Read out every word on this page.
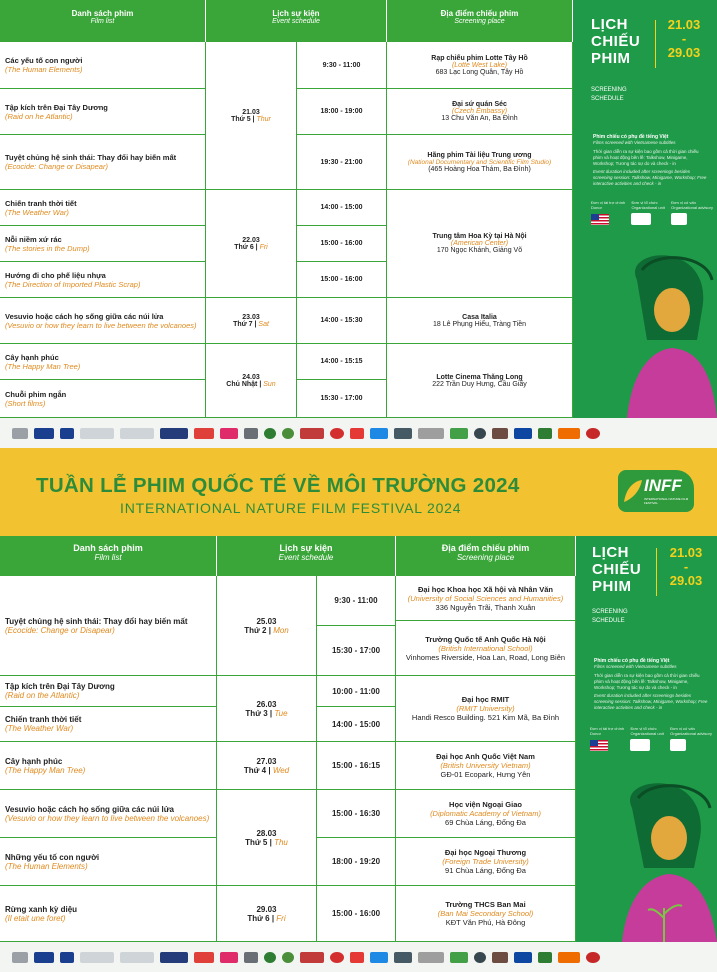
Danh sách phim
Film list
Lịch sự kiện
Event schedule
Địa điểm chiếu phim
Screening place
Các yếu tố con người
(The Human Elements)
Tập kích trên Đại Tây Dương
(Raid on he Atlantic)
Tuyệt chủng hệ sinh thái: Thay đổi hay biến mất
(Ecocide: Change or Disapear)
Chiến tranh thời tiết
(The Weather War)
Nỗi niềm xứ rác
(The stories in the Dump)
Hướng đi cho phế liệu nhựa
(The Direction of Imported Plastic Scrap)
Vesuvio hoặc cách họ sống giữa các núi lửa
(Vesuvio or how they learn to live between the volcanoes)
Cây hạnh phúc
(The Happy Man Tree)
Chuỗi phim ngắn
(Short films)
21.03
Thứ 5 | Thur
22.03
Thứ 6 | Fri
23.03
Thứ 7 | Sat
24.03
Chủ Nhật | Sun
9:30 - 11:00
18:00 - 19:00
19:30 - 21:00
14:00 - 15:00
15:00 - 16:00
15:00 - 16:00
14:00 - 15:30
14:00 - 15:15
15:30 - 17:00
Rạp chiếu phim Lotte Tây Hồ
(Lotte West Lake)
683 Lạc Long Quân, Tây Hồ
Đại sứ quán Séc
(Czech Embassy)
13 Chu Văn An, Ba Đình
Hãng phim Tài liệu Trung ương
(National Documentary and Scientific Film Studio)
(465 Hoàng Hoa Thám, Ba Đình)
Trung tâm Hoa Kỳ tại Hà Nội
(American Center)
170 Ngọc Khánh, Giảng Võ
Casa Italia
18 Lê Phụng Hiểu, Tràng Tiền
Lotte Cinema Thăng Long
222 Trần Duy Hưng, Cầu Giấy
LỊCH
CHIẾU
PHIM
21.03
-
29.03
SCREENING
SCHEDULE
Phim chiếu có phụ đề tiếng Việt
Films screened with Vietnamese subtitles
Thời gian diễn ra sự kiện bao gồm cả thời gian chiếu phim và hoạt động bên lề: Talkshow, Minigame, Workshop; Tương tác sự do và check - in
Event duration included after screenings besides screening session: Talkshow, Minigame, Workshop; Free interactive activities and check - in
Đơn vị tài trợ chính
Donor
Đơn vị tổ chức
Organizational unit
Đơn vị cố vấn
Organizational advisory
TUẦN LỄ PHIM QUỐC TẾ VỀ MÔI TRƯỜNG 2024
INTERNATIONAL NATURE FILM FESTIVAL 2024
INFF
INTERNATIONAL NATURE FILM FESTIVAL
Danh sách phim
Film list
Lịch sự kiện
Event schedule
Địa điểm chiếu phim
Screening place
Tuyệt chủng hệ sinh thái: Thay đổi hay biến mất
(Ecocide: Change or Disapear)
Tập kích trên Đại Tây Dương
(Raid on the Atlantic)
Chiến tranh thời tiết
(The Weather War)
Cây hạnh phúc
(The Happy Man Tree)
Vesuvio hoặc cách họ sống giữa các núi lửa
(Vesuvio or how they learn to live between the volcanoes)
Những yếu tố con người
(The Human Elements)
Rừng xanh kỳ diệu
(Il etait une foret)
25.03
Thứ 2 | Mon
26.03
Thứ 3 | Tue
27.03
Thứ 4 | Wed
28.03
Thứ 5 | Thu
29.03
Thứ 6 | Fri
9:30 - 11:00
15:30 - 17:00
10:00 - 11:00
14:00 - 15:00
15:00 - 16:15
15:00 - 16:30
18:00 - 19:20
15:00 - 16:00
Đại học Khoa học Xã hội và Nhân Văn
(University of Social Sciences and Humanities)
336 Nguyễn Trãi, Thanh Xuân
Trường Quốc tế Anh Quốc Hà Nội
(British International School)
Vinhomes Riverside, Hoa Lan, Road, Long Biên
Đại học RMIT
(RMIT University)
Handi Resco Building. 521 Kim Mã, Ba Đình
Đại học Anh Quốc Việt Nam
(British University Vietnam)
GĐ-01 Ecopark, Hưng Yên
Học viện Ngoại Giao
(Diplomatic Academy of Vietnam)
69 Chùa Láng, Đống Đa
Đại học Ngoại Thương
(Foreign Trade University)
91 Chùa Láng, Đống Đa
Trường THCS Ban Mai
(Ban Mai Secondary School)
KĐT Văn Phú, Hà Đông
LỊCH
CHIẾU
PHIM
21.03
-
29.03
SCREENING
SCHEDULE
Phim chiếu có phụ đề tiếng Việt
Films screened with Vietnamese subtitles
Thời gian diễn ra sự kiện bao gồm cả thời gian chiếu phim và hoạt động bên lề: Talkshow, Minigame, Workshop; Tương tác sự do và check - in
Event duration included after screenings besides screening session: Talkshow, Minigame, Workshop; Free interactive activities and check - in
Đơn vị tài trợ chính
Donor
Đơn vị tổ chức
Organizational unit
Đơn vị cố vấn
Organizational advisory
